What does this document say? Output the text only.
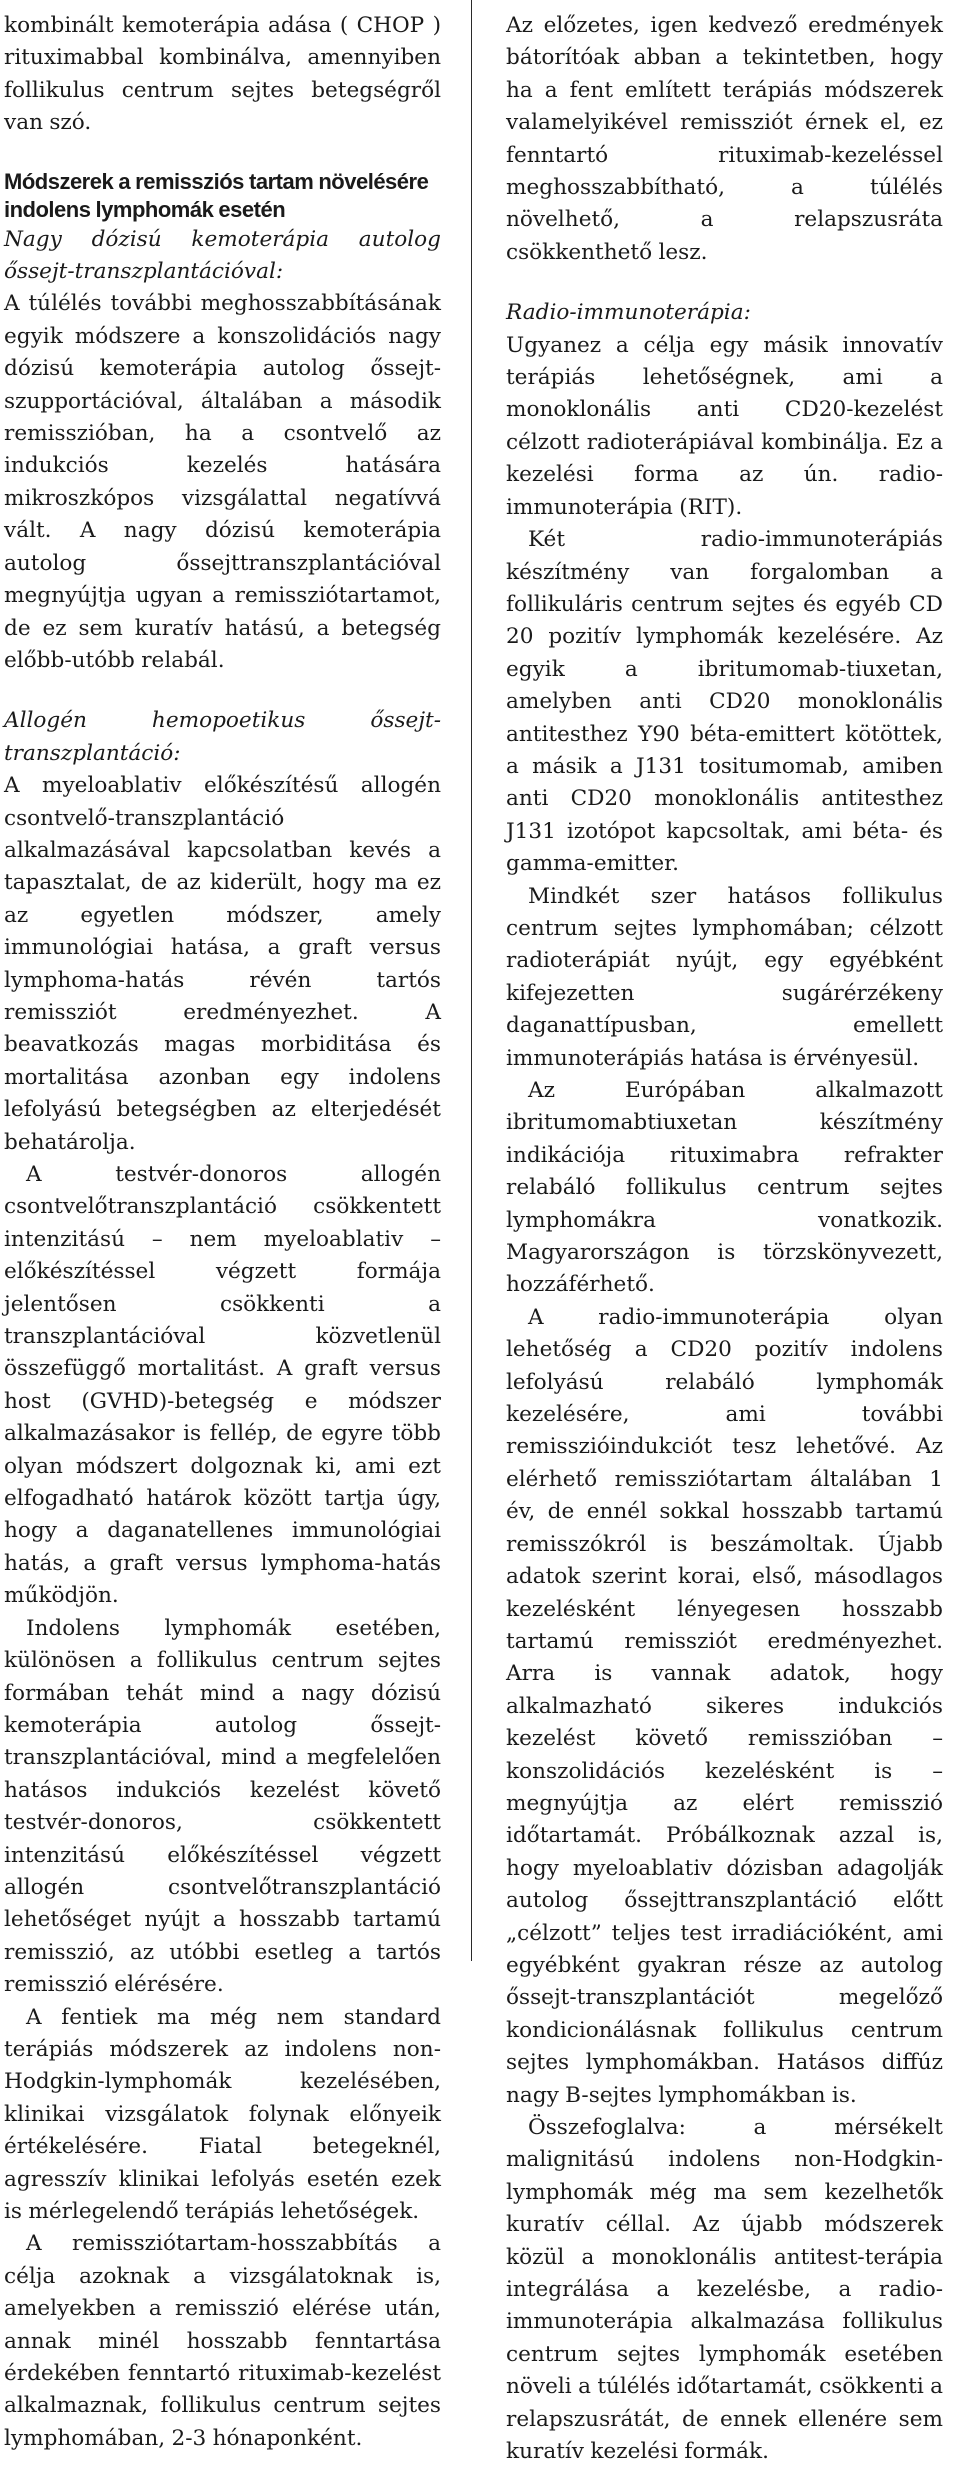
kombinált kemoterápia adása ( CHOP ) rituximabbal kombinálva, amennyiben follikulus centrum sejtes betegségről van szó.

Módszerek a remissziós tartam növelésére indolens lymphomák esetén

Nagy dózisú kemoterápia autolog őssejt-transzplantációval:

A túlélés további meghosszabbításának egyik módszere a konszolidációs nagy dózisú kemoterápia autolog őssejt-szupportációval, általában a második remisszióban, ha a csontvelő az indukciós kezelés hatására mikroszkópos vizsgálattal negatívvá vált. A nagy dózisú kemoterápia autolog őssejttranszplantációval megnyújtja ugyan a remissziótartamot, de ez sem kuratív hatású, a betegség előbb-utóbb relabál.

Allogén hemopoetikus őssejt-transzplantáció:

A myeloablativ előkészítésű allogén csontvelő-transzplantáció alkalmazásával kapcsolatban kevés a tapasztalat, de az kiderült, hogy ma ez az egyetlen módszer, amely immunológiai hatása, a graft versus lymphoma-hatás révén tartós remissziót eredményezhet. A beavatkozás magas morbiditása és mortalitása azonban egy indolens lefolyású betegségben az elterjedését behatárolja.

A testvér-donoros allogén csontvelőtranszplantáció csökkentett intenzitású – nem myeloablativ – előkészítéssel végzett formája jelentősen csökkenti a transzplantációval közvetlenül összefüggő mortalitást. A graft versus host (GVHD)-betegség e módszer alkalmazásakor is fellép, de egyre több olyan módszert dolgoznak ki, ami ezt elfogadható határok között tartja úgy, hogy a daganatellenes immunológiai hatás, a graft versus lymphoma-hatás működjön.

Indolens lymphomák esetében, különösen a follikulus centrum sejtes formában tehát mind a nagy dózisú kemoterápia autolog őssejt-transzplantációval, mind a megfelelően hatásos indukciós kezelést követő testvér-donoros, csökkentett intenzitású előkészítéssel végzett allogén csontvelőtranszplantáció lehetőséget nyújt a hosszabb tartamú remisszió, az utóbbi esetleg a tartós remisszió elérésére.

A fentiek ma még nem standard terápiás módszerek az indolens non-Hodgkin-lymphomák kezelésében, klinikai vizsgálatok folynak előnyeik értékelésére. Fiatal betegeknél, agresszív klinikai lefolyás esetén ezek is mérlegelendő terápiás lehetőségek.

A remissziótartam-hosszabbítás a célja azoknak a vizsgálatoknak is, amelyekben a remisszió elérése után, annak minél hosszabb fenntartása érdekében fenntartó rituximab-kezelést alkalmaznak, follikulus centrum sejtes lymphomában, 2-3 hónaponként.

Az előzetes, igen kedvező eredmények bátorítóak abban a tekintetben, hogy ha a fent említett terápiás módszerek valamelyikével remissziót érnek el, ez fenntartó rituximab-kezeléssel meghosszabbítható, a túlélés növelhető, a relapszusráta csökkenthető lesz.

Radio-immunoterápia:

Ugyanez a célja egy másik innovatív terápiás lehetőségnek, ami a monoklonális anti CD20-kezelést célzott radioterápiával kombinálja. Ez a kezelési forma az ún. radio-immunoterápia (RIT).

Két radio-immunoterápiás készítmény van forgalomban a follikuláris centrum sejtes és egyéb CD 20 pozitív lymphomák kezelésére. Az egyik a ibritumomab-tiuxetan, amelyben anti CD20 monoklonális antitesthez Y90 béta-emittert kötöttek, a másik a J131 tositumomab, amiben anti CD20 monoklonális antitesthez J131 izotópot kapcsoltak, ami béta- és gamma-emitter.

Mindkét szer hatásos follikulus centrum sejtes lymphomában; célzott radioterápiát nyújt, egy egyébként kifejezetten sugárérzékeny daganattípusban, emellett immunoterápiás hatása is érvényesül.

Az Európában alkalmazott ibritumomabtiuxetan készítmény indikációja rituximabra refrakter relabáló follikulus centrum sejtes lymphomákra vonatkozik. Magyarországon is törzskönyvezett, hozzáférhető.

A radio-immunoterápia olyan lehetőség a CD20 pozitív indolens lefolyású relabáló lymphomák kezelésére, ami további remisszióindukciót tesz lehetővé. Az elérhető remissziótartam általában 1 év, de ennél sokkal hosszabb tartamú remisszókról is beszámoltak. Újabb adatok szerint korai, első, másodlagos kezelésként lényegesen hosszabb tartamú remissziót eredményezhet. Arra is vannak adatok, hogy alkalmazható sikeres indukciós kezelést követő remisszióban – konszolidációs kezelésként is – megnyújtja az elért remisszió időtartamát. Próbálkoznak azzal is, hogy myeloablativ dózisban adagolják autolog őssejttranszplantáció előtt „célzott” teljes test irradiációként, ami egyébként gyakran része az autolog őssejt-transzplantációt megelőző kondicionálásnak follikulus centrum sejtes lymphomákban. Hatásos diffúz nagy B-sejtes lymphomákban is.

Összefoglalva: a mérsékelt malignitású indolens non-Hodgkin-lymphomák még ma sem kezelhetők kuratív céllal. Az újabb módszerek közül a monoklonális antitest-terápia integrálása a kezelésbe, a radio-immunoterápia alkalmazása follikulus centrum sejtes lymphomák esetében növeli a túlélés időtartamát, csökkenti a relapszusrátát, de ennek ellenére sem kuratív kezelési formák.
